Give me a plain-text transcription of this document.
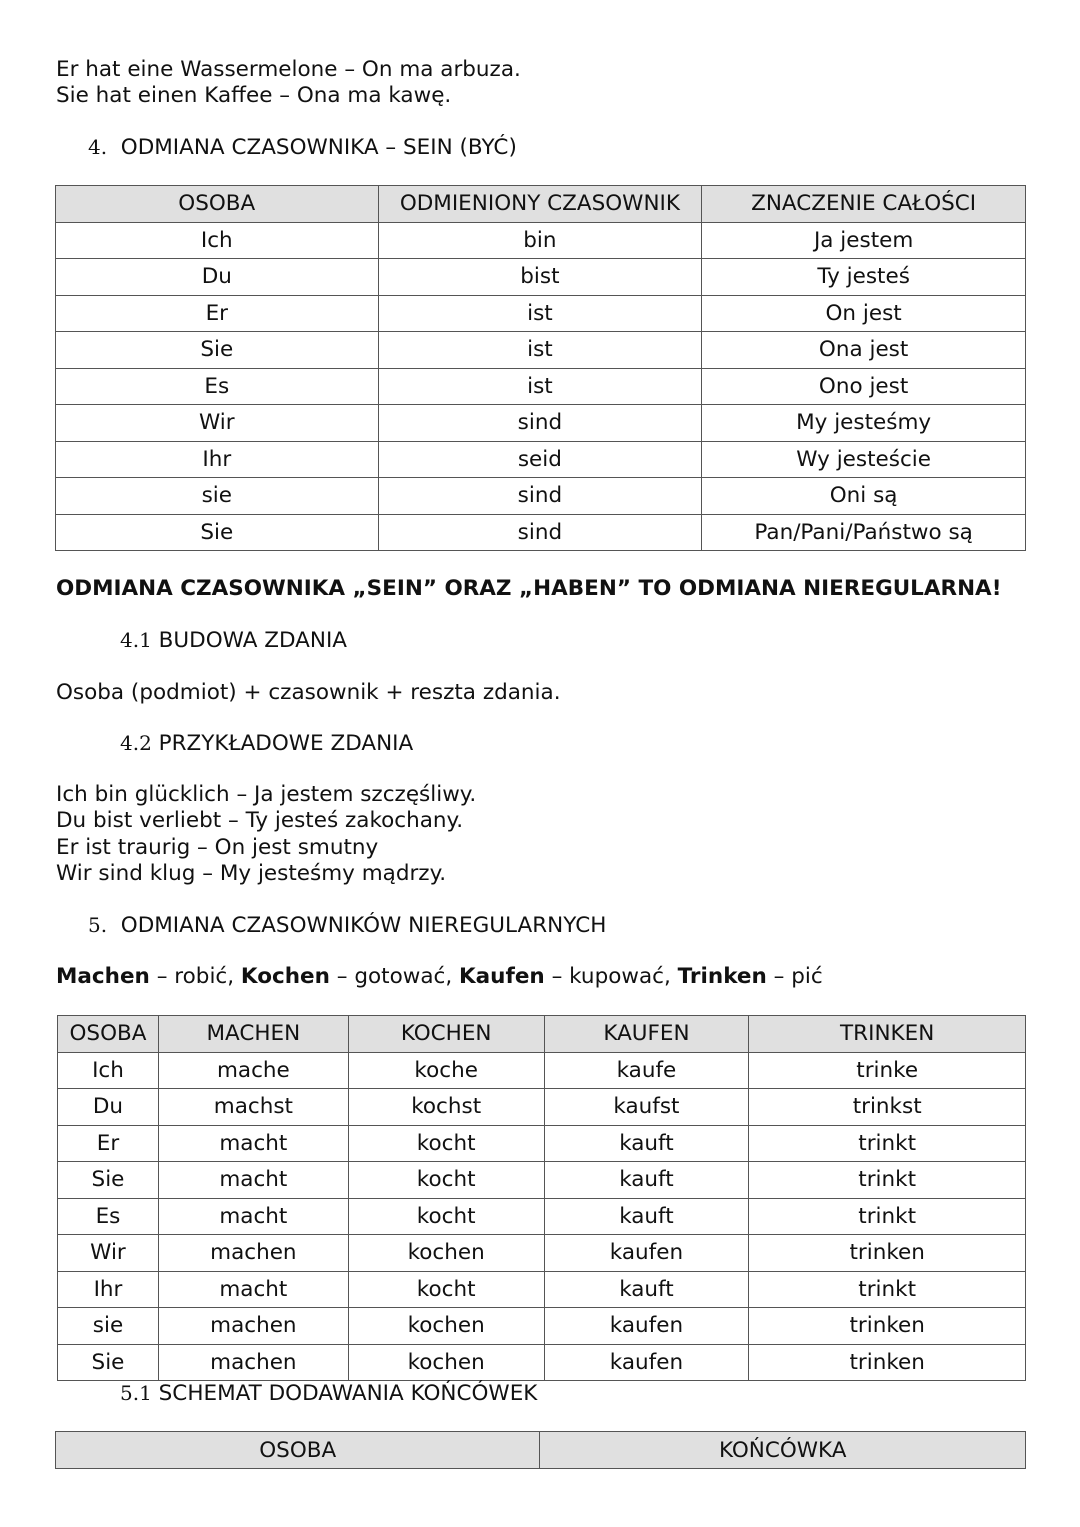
Er hat eine Wassermelone – On ma arbuza.
Sie hat einen Kaffee – Ona ma kawę.
4. ODMIANA CZASOWNIKA – SEIN (BYĆ)
OSOBA	ODMIENIONY CZASOWNIK	ZNACZENIE CAŁOŚCI
Ich	bin	Ja jestem
Du	bist	Ty jesteś
Er	ist	On jest
Sie	ist	Ona jest
Es	ist	Ono jest
Wir	sind	My jesteśmy
Ihr	seid	Wy jesteście
sie	sind	Oni są
Sie	sind	Pan/Pani/Państwo są
ODMIANA CZASOWNIKA „SEIN” ORAZ „HABEN” TO ODMIANA NIEREGULARNA!
4.1 BUDOWA ZDANIA
Osoba (podmiot) + czasownik + reszta zdania.
4.2 PRZYKŁADOWE ZDANIA
Ich bin glücklich – Ja jestem szczęśliwy.
Du bist verliebt – Ty jesteś zakochany.
Er ist traurig – On jest smutny
Wir sind klug – My jesteśmy mądrzy.
5. ODMIANA CZASOWNIKÓW NIEREGULARNYCH
Machen – robić, Kochen – gotować, Kaufen – kupować, Trinken – pić
OSOBA	MACHEN	KOCHEN	KAUFEN	TRINKEN
Ich	mache	koche	kaufe	trinke
Du	machst	kochst	kaufst	trinkst
Er	macht	kocht	kauft	trinkt
Sie	macht	kocht	kauft	trinkt
Es	macht	kocht	kauft	trinkt
Wir	machen	kochen	kaufen	trinken
Ihr	macht	kocht	kauft	trinkt
sie	machen	kochen	kaufen	trinken
Sie	machen	kochen	kaufen	trinken
5.1 SCHEMAT DODAWANIA KOŃCÓWEK
OSOBA	KOŃCÓWKA
